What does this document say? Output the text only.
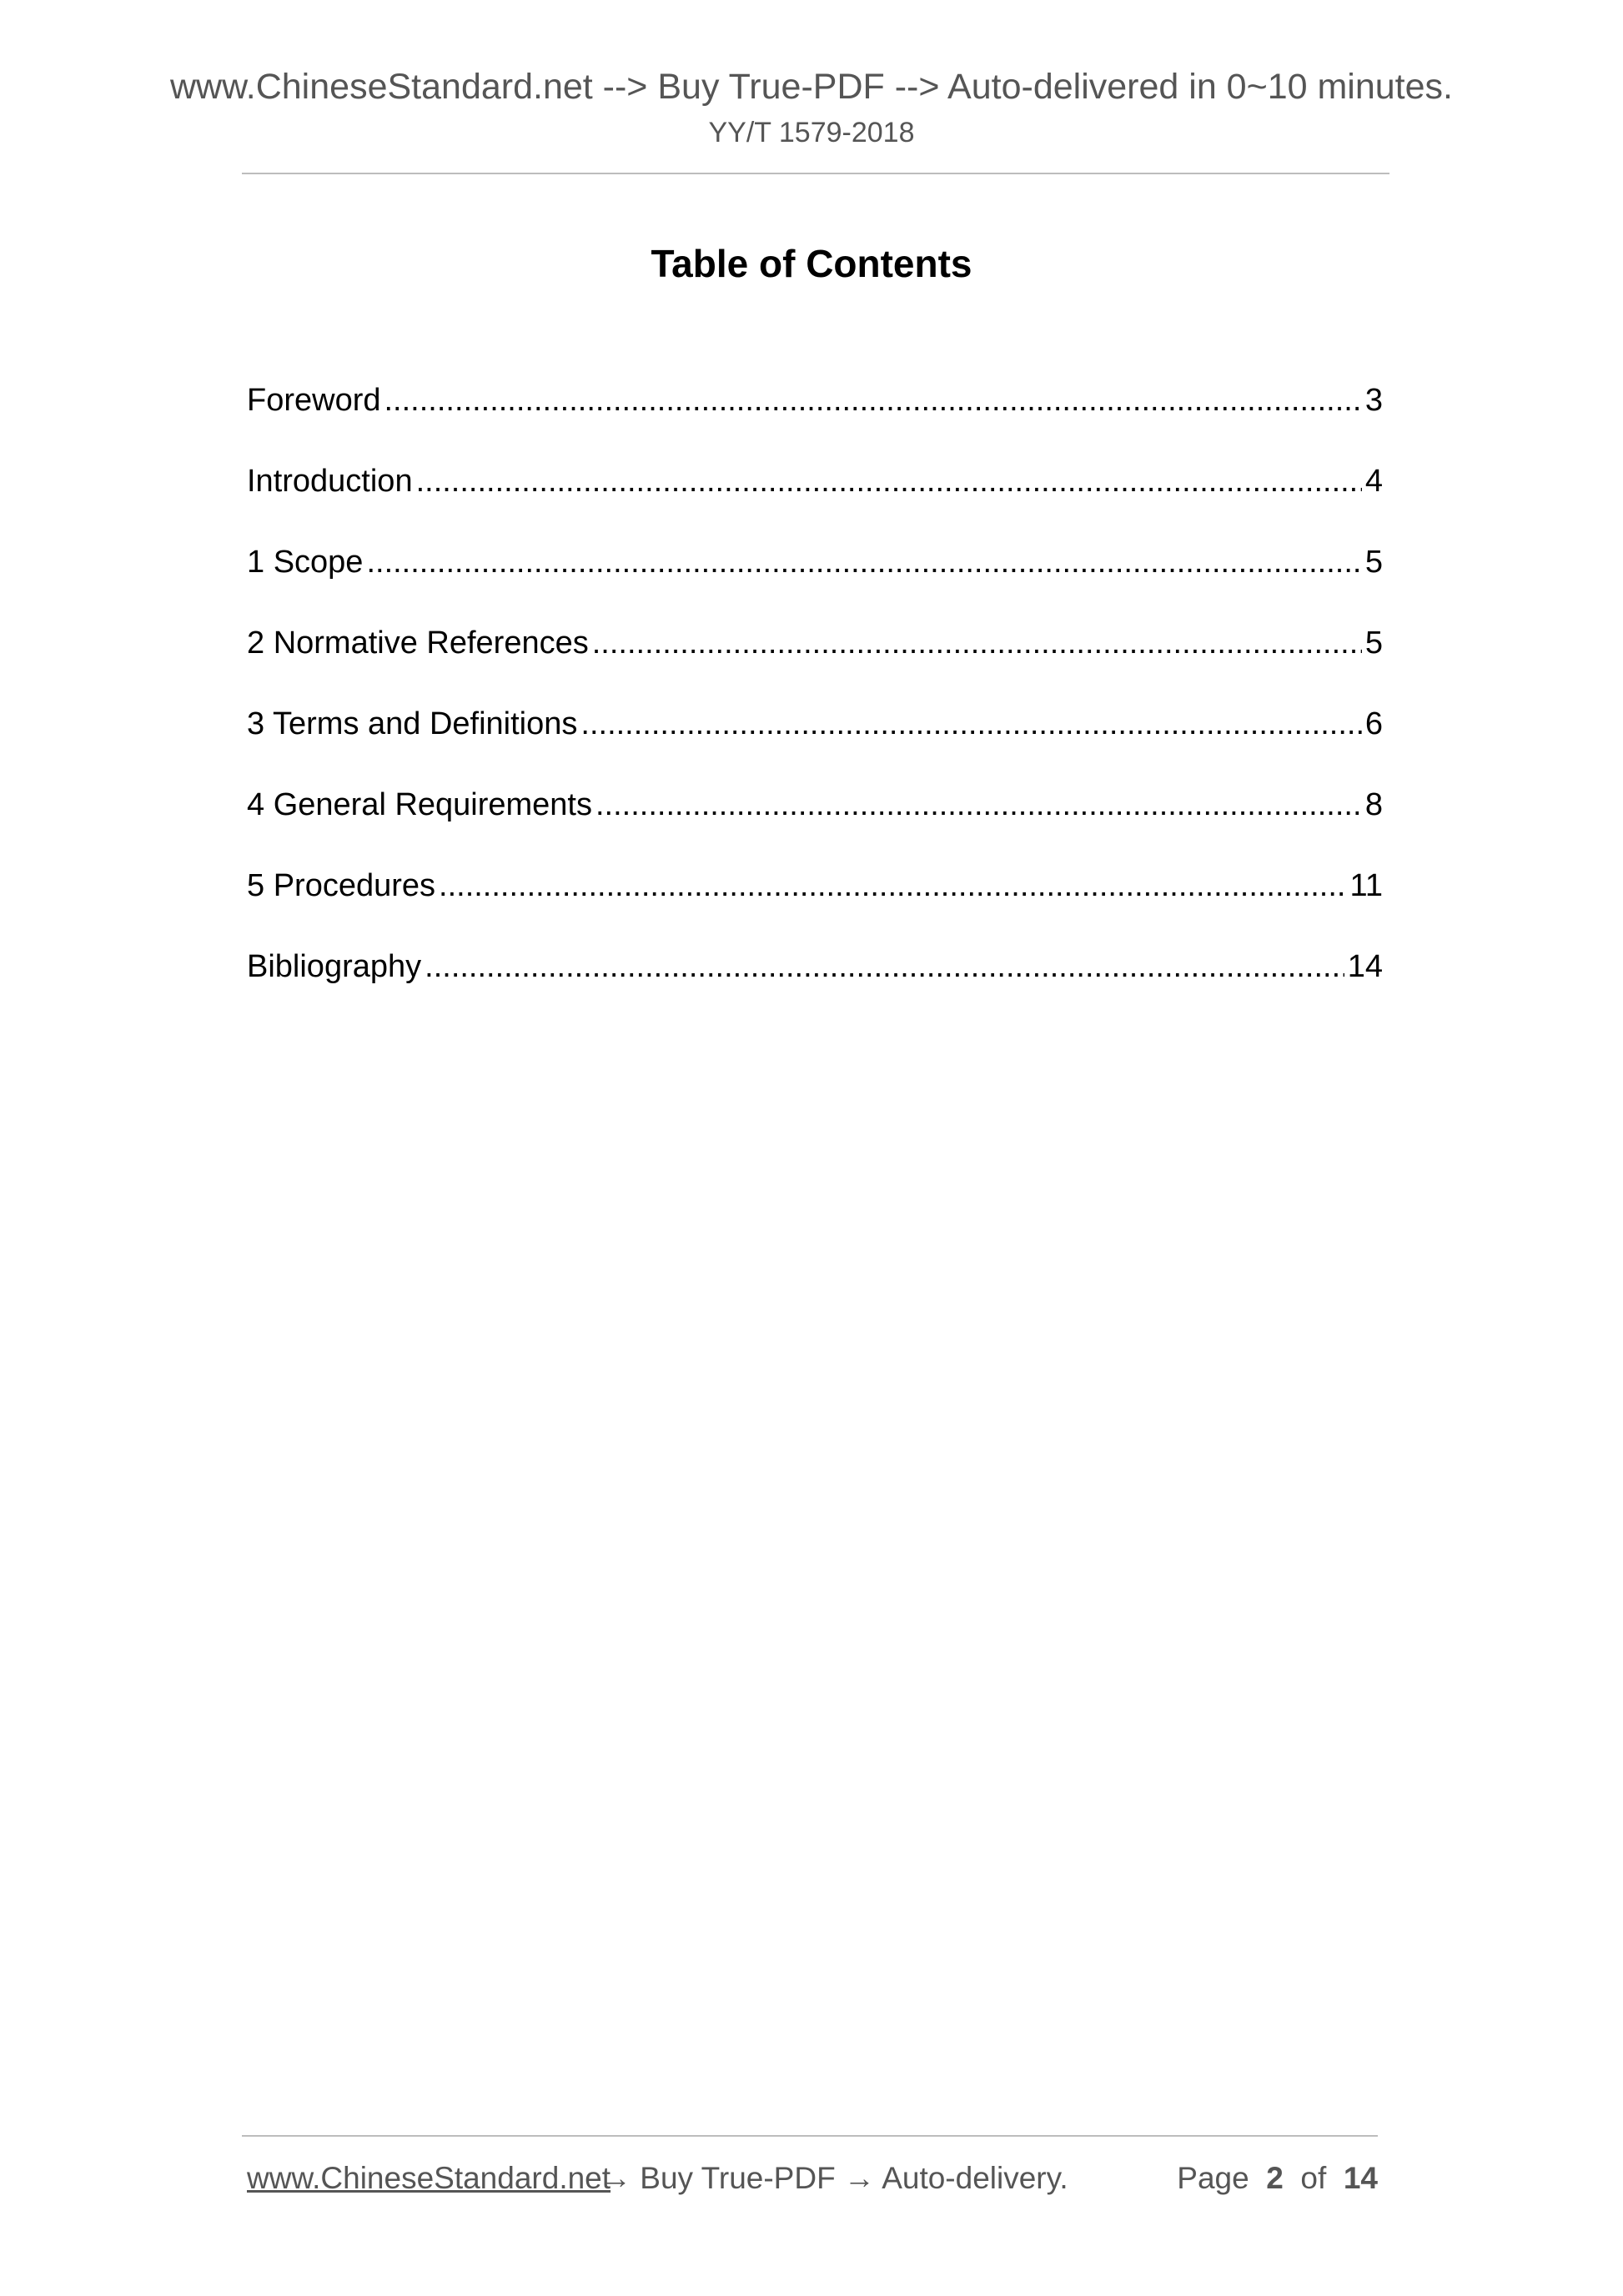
www.ChineseStandard.net --> Buy True-PDF --> Auto-delivered in 0~10 minutes.
YY/T 1579-2018
Table of Contents
Foreword .....	3
Introduction .....	4
1 Scope .....	5
2 Normative References .....	5
3 Terms and Definitions .....	6
4 General Requirements .....	8
5 Procedures .....	11
Bibliography .....	14
www.ChineseStandard.net
→ Buy True-PDF → Auto-delivery.	Page 2 of 14
